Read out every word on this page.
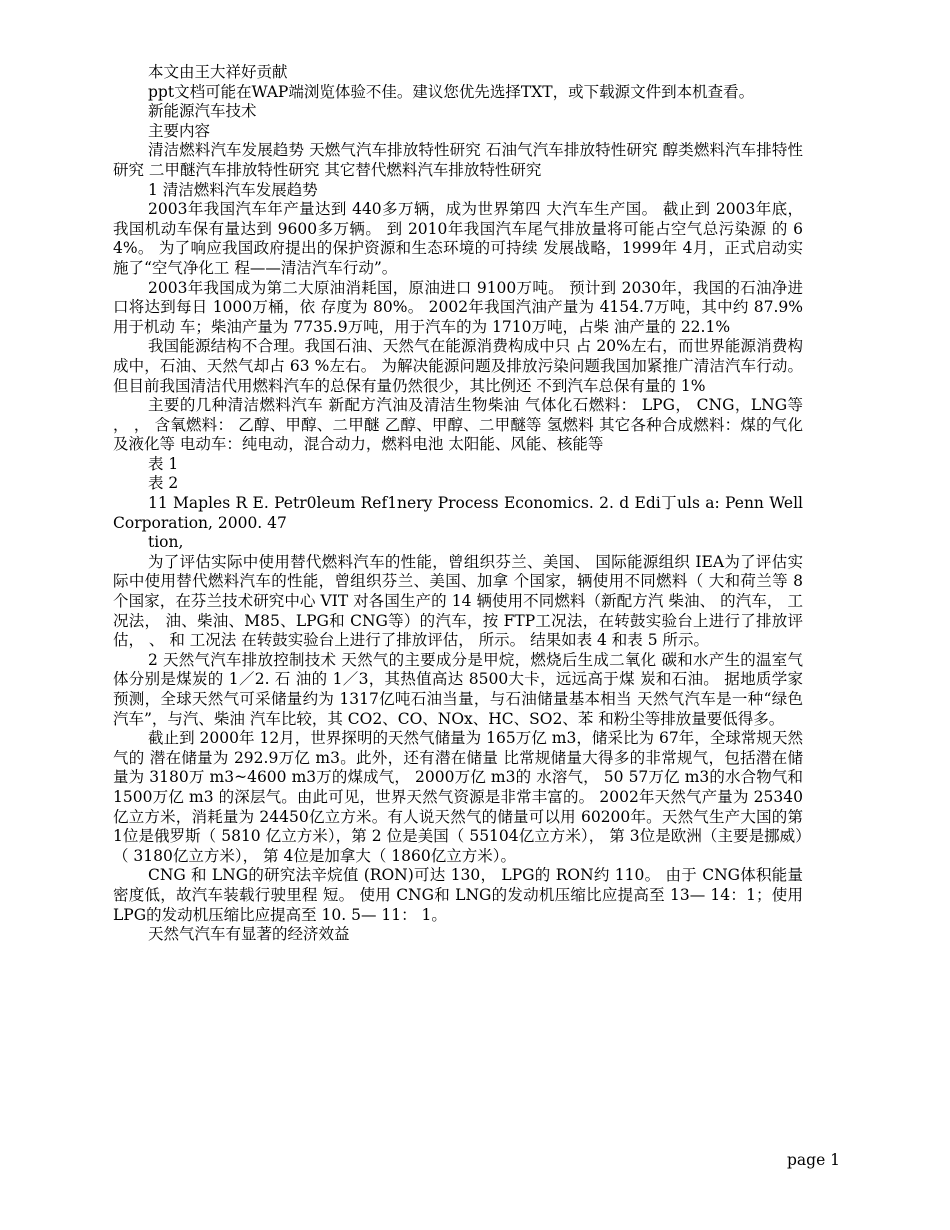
本文由王大祥好贡献

ppt文档可能在WAP端浏览体验不佳。建议您优先选择TXT，或下载源文件到本机查看。

新能源汽车技术

主要内容

清洁燃料汽车发展趋势 天燃气汽车排放特性研究 石油气汽车排放特性研究 醇类燃料汽车排特性研究 二甲醚汽车排放特性研究 其它替代燃料汽车排放特性研究

1 清洁燃料汽车发展趋势

2003年我国汽车年产量达到 440多万辆，成为世界第四 大汽车生产国。 截止到 2003年底，我国机动车保有量达到 9600多万辆。 到 2010年我国汽车尾气排放量将可能占空气总污染源 的 64%。 为了响应我国政府提出的保护资源和生态环境的可持续 发展战略，1999年 4月，正式启动实施了“空气净化工 程——清洁汽车行动”。

2003年我国成为第二大原油消耗国，原油进口 9100万吨。 预计到 2030年，我国的石油净进口将达到每日 1000万桶，依 存度为 80%。 2002年我国汽油产量为 4154.7万吨，其中约 87.9%用于机动 车；柴油产量为 7735.9万吨，用于汽车的为 1710万吨，占柴 油产量的 22.1%

我国能源结构不合理。我国石油、天然气在能源消费构成中只 占 20%左右，而世界能源消费构成中，石油、天然气却占 63 %左右。 为解决能源问题及排放污染问题我国加紧推广清洁汽车行动。 但目前我国清洁代用燃料汽车的总保有量仍然很少，其比例还 不到汽车总保有量的 1%

主要的几种清洁燃料汽车 新配方汽油及清洁生物柴油 气体化石燃料： LPG， CNG，LNG等 ， ， 含氧燃料： 乙醇、甲醇、二甲醚 乙醇、甲醇、二甲醚等 氢燃料 其它各种合成燃料：煤的气化及液化等 电动车：纯电动，混合动力，燃料电池 太阳能、风能、核能等

表 1

表 2

11 Maples R E. Petr0leum Ref1nery Process Economics. 2. d Edi丁uls a: Penn Well Corporation, 2000. 47

tion,

为了评估实际中使用替代燃料汽车的性能，曾组织芬兰、美国、 国际能源组织 IEA为了评估实际中使用替代燃料汽车的性能，曾组织芬兰、美国、加拿 个国家，辆使用不同燃料（ 大和荷兰等 8 个国家，在芬兰技术研究中心 VIT 对各国生产的 14 辆使用不同燃料（新配方汽 柴油、 的汽车， 工况法， 油、柴油、M85、LPG和 CNG等）的汽车，按 FTP工况法，在转鼓实验台上进行了排放评估， 、 和 工况法 在转鼓实验台上进行了排放评估， 所示。 结果如表 4 和表 5 所示。

2 天然气汽车排放控制技术 天然气的主要成分是甲烷，燃烧后生成二氧化 碳和水产生的温室气体分别是煤炭的 1／2. 石 油的 1／3，其热值高达 8500大卡，远远高于煤 炭和石油。 据地质学家预测，全球天然气可采储量约为 1317亿吨石油当量，与石油储量基本相当 天然气汽车是一种“绿色汽车”，与汽、柴油 汽车比较，其 CO2、CO、NOx、HC、SO2、苯 和粉尘等排放量要低得多。

截止到 2000年 12月，世界探明的天然气储量为 165万亿 m3，储采比为 67年，全球常规天然气的 潜在储量为 292.9万亿 m3。此外，还有潜在储量 比常规储量大得多的非常规气，包括潜在储量为 3180万 m3~4600 m3万的煤成气， 2000万亿 m3的 水溶气， 50 57万亿 m3的水合物气和 1500万亿 m3 的深层气。由此可见，世界天然气资源是非常丰富的。 2002年天然气产量为 25340亿立方米，消耗量为 24450亿立方米。有人说天然气的储量可以用 60200年。天然气生产大国的第 1位是俄罗斯（ 5810 亿立方米），第 2 位是美国（ 55104亿立方米）， 第 3位是欧洲（主要是挪威）（ 3180亿立方米）， 第 4位是加拿大（ 1860亿立方米）。

CNG 和 LNG的研究法辛烷值 (RON)可达 130， LPG的 RON约 110。 由于 CNG体积能量密度低，故汽车装载行驶里程 短。 使用 CNG和 LNG的发动机压缩比应提高至 13— 14：1；使用 LPG的发动机压缩比应提高至 10. 5— 11： 1。

天然气汽车有显著的经济效益

page 1
